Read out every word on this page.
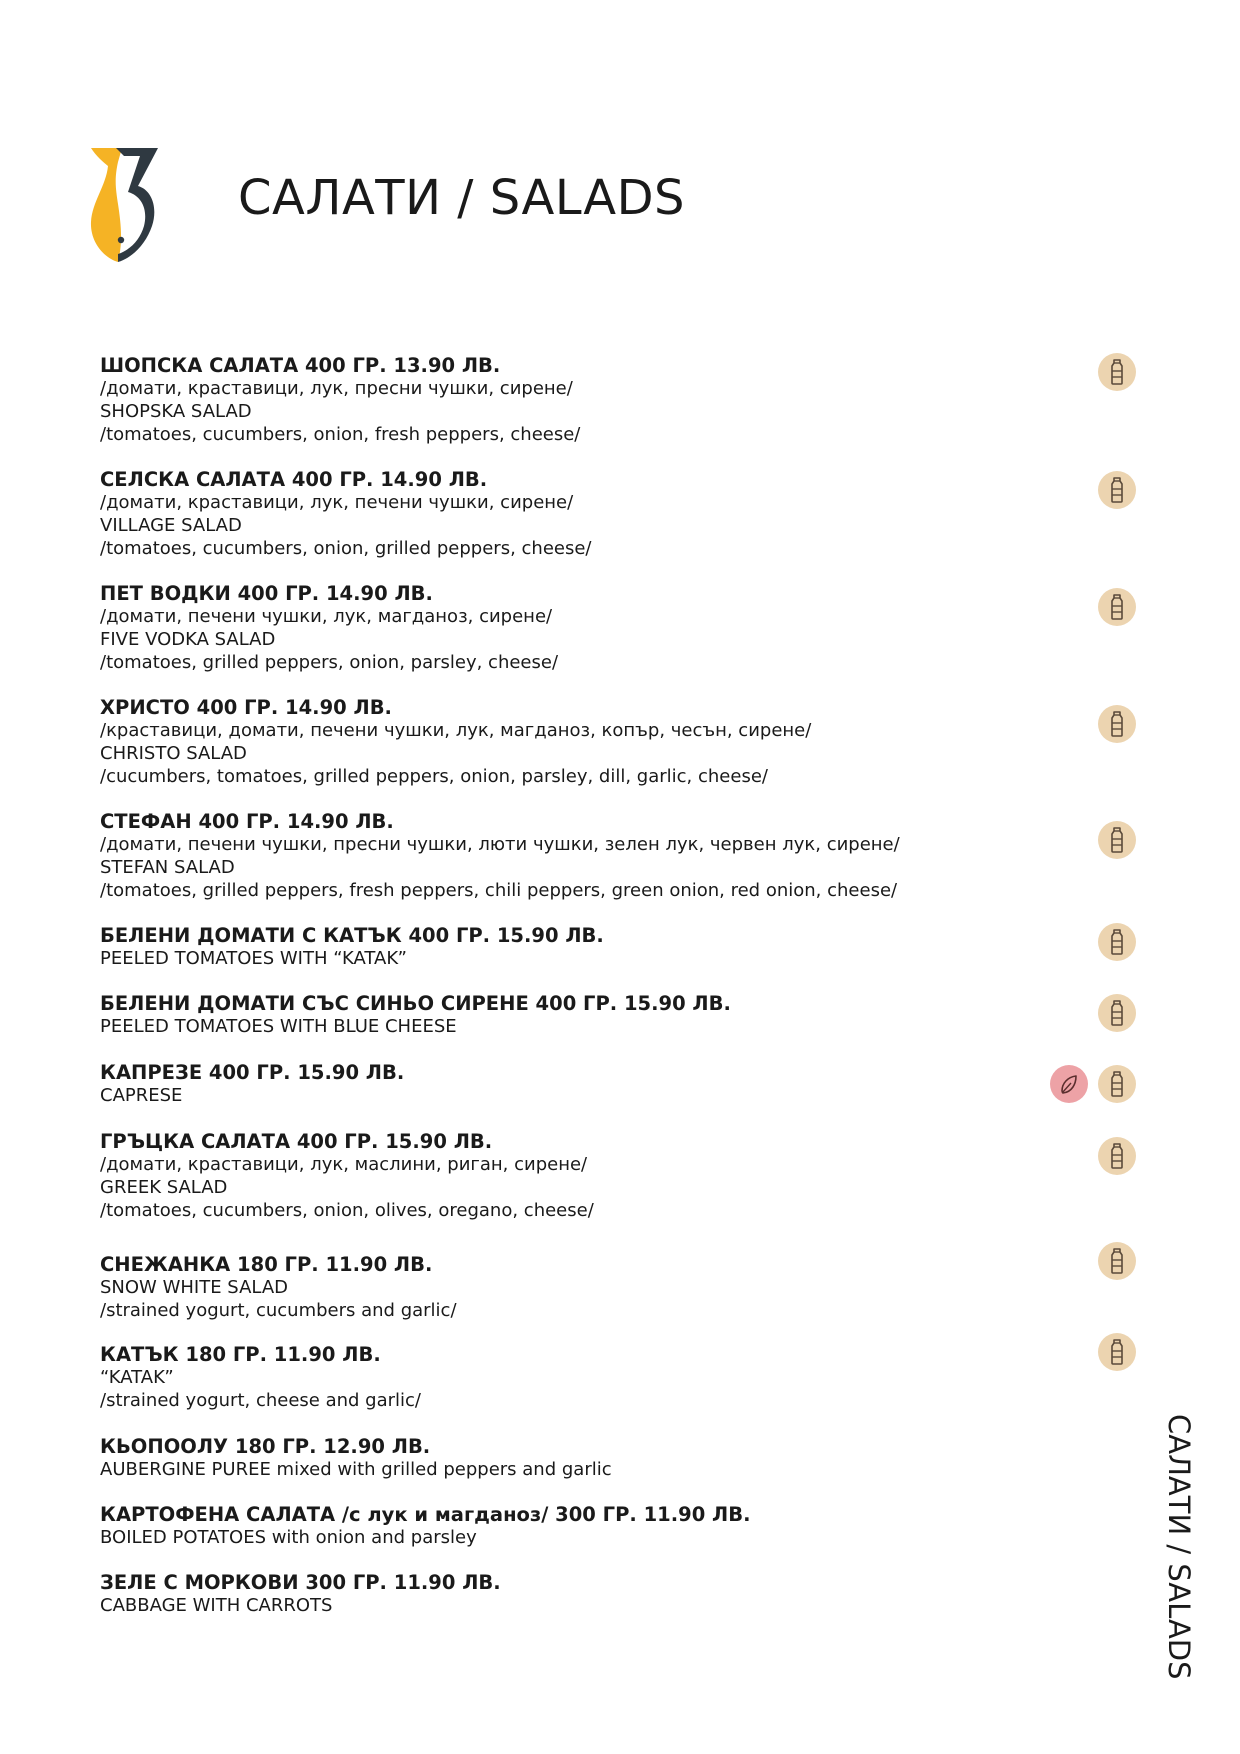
САЛАТИ / SALADS
САЛАТИ / SALADS
ШОПСКА САЛАТА 400 ГР. 13.90 ЛВ.
/домати, краставици, лук, пресни чушки, сирене/
SHOPSKA SALAD
/tomatoes, cucumbers, onion, fresh peppers, cheese/
СЕЛСКА САЛАТА 400 ГР. 14.90 ЛВ.
/домати, краставици, лук, печени чушки, сирене/
VILLAGE SALAD
/tomatoes, cucumbers, onion, grilled peppers, cheese/
ПЕТ ВОДКИ 400 ГР. 14.90 ЛВ.
/домати, печени чушки, лук, магданоз, сирене/
FIVE VODKA SALAD
/tomatoes, grilled peppers, onion, parsley, cheese/
ХРИСТО 400 ГР. 14.90 ЛВ.
/краставици, домати, печени чушки, лук, магданоз, копър, чесън, сирене/
CHRISTO SALAD
/cucumbers, tomatoes, grilled peppers, onion, parsley, dill, garlic, cheese/
СТЕФАН 400 ГР. 14.90 ЛВ.
/домати, печени чушки, пресни чушки, люти чушки, зелен лук, червен лук, сирене/
STEFAN SALAD
/tomatoes, grilled peppers, fresh peppers, chili peppers, green onion, red onion, cheese/
БЕЛЕНИ ДОМАТИ С КАТЪК 400 ГР. 15.90 ЛВ.
PEELED TOMATOES WITH “KATAK”
БЕЛЕНИ ДОМАТИ СЪС СИНЬО СИРЕНЕ 400 ГР. 15.90 ЛВ.
PEELED TOMATOES WITH BLUE CHEESE
КАПРЕЗЕ 400 ГР. 15.90 ЛВ.
CAPRESE
ГРЪЦКА САЛАТА 400 ГР. 15.90 ЛВ.
/домати, краставици, лук, маслини, риган, сирене/
GREEK SALAD
/tomatoes, cucumbers, onion, olives, oregano, cheese/
СНЕЖАНКА 180 ГР. 11.90 ЛВ.
SNOW WHITE SALAD
/strained yogurt, cucumbers and garlic/
КАТЪК 180 ГР. 11.90 ЛВ.
“KATAK”
/strained yogurt, cheese and garlic/
КЬОПООЛУ 180 ГР. 12.90 ЛВ.
AUBERGINE PUREE mixed with grilled peppers and garlic
КАРТОФЕНА САЛАТА /с лук и магданоз/ 300 ГР. 11.90 ЛВ.
BOILED POTATOES with onion and parsley
ЗЕЛЕ С МОРКОВИ 300 ГР. 11.90 ЛВ.
CABBAGE WITH CARROTS
